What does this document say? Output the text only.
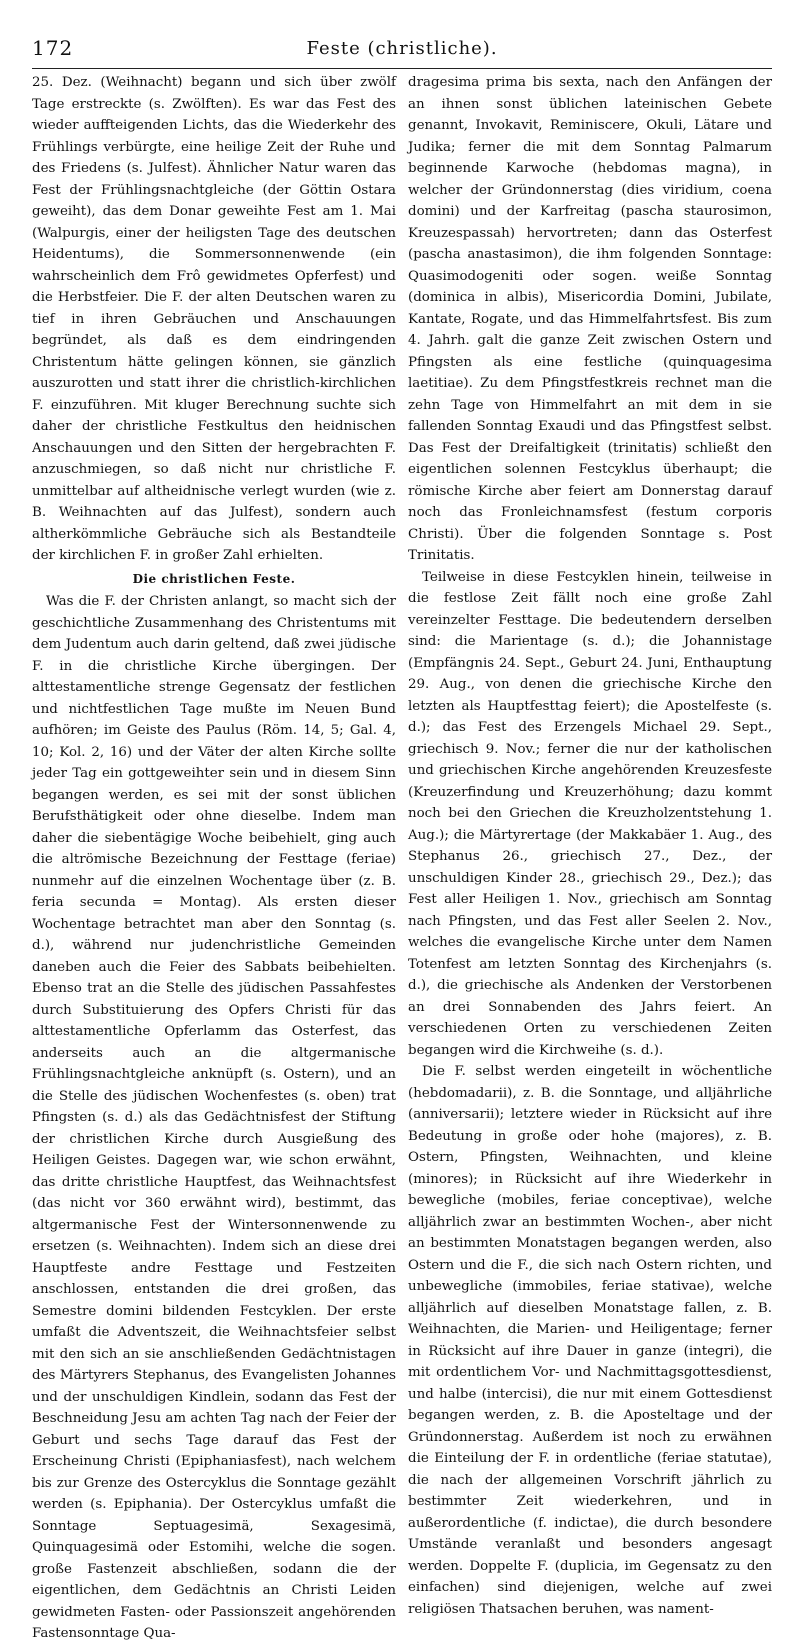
172	Feste (christliche).

25. Dez. (Weihnacht) begann und sich über zwölf Tage erstreckte (s. Zwölften). Es war das Fest des wieder auffteigenden Lichts, das die Wiederkehr des Frühlings verbürgte, eine heilige Zeit der Ruhe und des Friedens (s. Julfest). Ähnlicher Natur waren das Fest der Frühlingsnachtgleiche (der Göttin Ostara geweiht), das dem Donar geweihte Fest am 1. Mai (Walpurgis, einer der heiligsten Tage des deutschen Heidentums), die Sommersonnenwende (ein wahrscheinlich dem Frô gewidmetes Opferfest) und die Herbstfeier. Die F. der alten Deutschen waren zu tief in ihren Gebräuchen und Anschauungen begründet, als daß es dem eindringenden Christentum hätte gelingen können, sie gänzlich auszurotten und statt ihrer die christlich-kirchlichen F. einzuführen. Mit kluger Berechnung suchte sich daher der christliche Festkultus den heidnischen Anschauungen und den Sitten der hergebrachten F. anzuschmiegen, so daß nicht nur christliche F. unmittelbar auf altheidnische verlegt wurden (wie z. B. Weihnachten auf das Julfest), sondern auch altherkömmliche Gebräuche sich als Bestandteile der kirchlichen F. in großer Zahl erhielten.

Die christlichen Feste.

Was die F. der Christen anlangt, so macht sich der geschichtliche Zusammenhang des Christentums mit dem Judentum auch darin geltend, daß zwei jüdische F. in die christliche Kirche übergingen. Der alttestamentliche strenge Gegensatz der festlichen und nichtfestlichen Tage mußte im Neuen Bund aufhören; im Geiste des Paulus (Röm. 14, 5; Gal. 4, 10; Kol. 2, 16) und der Väter der alten Kirche sollte jeder Tag ein gottgeweihter sein und in diesem Sinn begangen werden, es sei mit der sonst üblichen Berufsthätigkeit oder ohne dieselbe. Indem man daher die siebentägige Woche beibehielt, ging auch die altrömische Bezeichnung der Festtage (feriae) nunmehr auf die einzelnen Wochentage über (z. B. feria secunda = Montag). Als ersten dieser Wochentage betrachtet man aber den Sonntag (s. d.), während nur judenchristliche Gemeinden daneben auch die Feier des Sabbats beibehielten. Ebenso trat an die Stelle des jüdischen Passahfestes durch Substituierung des Opfers Christi für das alttestamentliche Opferlamm das Osterfest, das anderseits auch an die altgermanische Frühlingsnachtgleiche anknüpft (s. Ostern), und an die Stelle des jüdischen Wochenfestes (s. oben) trat Pfingsten (s. d.) als das Gedächtnisfest der Stiftung der christlichen Kirche durch Ausgießung des Heiligen Geistes. Dagegen war, wie schon erwähnt, das dritte christliche Hauptfest, das Weihnachtsfest (das nicht vor 360 erwähnt wird), bestimmt, das altgermanische Fest der Wintersonnenwende zu ersetzen (s. Weihnachten). Indem sich an diese drei Hauptfeste andre Festtage und Festzeiten anschlossen, entstanden die drei großen, das Semestre domini bildenden Festcyklen. Der erste umfaßt die Adventszeit, die Weihnachtsfeier selbst mit den sich an sie anschließenden Gedächtnistagen des Märtyrers Stephanus, des Evangelisten Johannes und der unschuldigen Kindlein, sodann das Fest der Beschneidung Jesu am achten Tag nach der Feier der Geburt und sechs Tage darauf das Fest der Erscheinung Christi (Epiphaniasfest), nach welchem bis zur Grenze des Ostercyklus die Sonntage gezählt werden (s. Epiphania). Der Ostercyklus umfaßt die Sonntage Septuagesimä, Sexagesimä, Quinquagesimä oder Estomihi, welche die sogen. große Fastenzeit abschließen, sodann die der eigentlichen, dem Gedächtnis an Christi Leiden gewidmeten Fasten- oder Passionszeit angehörenden Fastensonntage Qua-

dragesima prima bis sexta, nach den Anfängen der an ihnen sonst üblichen lateinischen Gebete genannt, Invokavit, Reminiscere, Okuli, Lätare und Judika; ferner die mit dem Sonntag Palmarum beginnende Karwoche (hebdomas magna), in welcher der Gründonnerstag (dies viridium, coena domini) und der Karfreitag (pascha staurosimon, Kreuzespassah) hervortreten; dann das Osterfest (pascha anastasimon), die ihm folgenden Sonntage: Quasimodogeniti oder sogen. weiße Sonntag (dominica in albis), Misericordia Domini, Jubilate, Kantate, Rogate, und das Himmelfahrtsfest. Bis zum 4. Jahrh. galt die ganze Zeit zwischen Ostern und Pfingsten als eine festliche (quinquagesima laetitiae). Zu dem Pfingstfestkreis rechnet man die zehn Tage von Himmelfahrt an mit dem in sie fallenden Sonntag Exaudi und das Pfingstfest selbst. Das Fest der Dreifaltigkeit (trinitatis) schließt den eigentlichen solennen Festcyklus überhaupt; die römische Kirche aber feiert am Donnerstag darauf noch das Fronleichnamsfest (festum corporis Christi). Über die folgenden Sonntage s. Post Trinitatis.

Teilweise in diese Festcyklen hinein, teilweise in die festlose Zeit fällt noch eine große Zahl vereinzelter Festtage. Die bedeutendern derselben sind: die Marientage (s. d.); die Johannistage (Empfängnis 24. Sept., Geburt 24. Juni, Enthauptung 29. Aug., von denen die griechische Kirche den letzten als Hauptfesttag feiert); die Apostelfeste (s. d.); das Fest des Erzengels Michael 29. Sept., griechisch 9. Nov.; ferner die nur der katholischen und griechischen Kirche angehörenden Kreuzesfeste (Kreuzerfindung und Kreuzerhöhung; dazu kommt noch bei den Griechen die Kreuzholzentstehung 1. Aug.); die Märtyrertage (der Makkabäer 1. Aug., des Stephanus 26., griechisch 27., Dez., der unschuldigen Kinder 28., griechisch 29., Dez.); das Fest aller Heiligen 1. Nov., griechisch am Sonntag nach Pfingsten, und das Fest aller Seelen 2. Nov., welches die evangelische Kirche unter dem Namen Totenfest am letzten Sonntag des Kirchenjahrs (s. d.), die griechische als Andenken der Verstorbenen an drei Sonnabenden des Jahrs feiert. An verschiedenen Orten zu verschiedenen Zeiten begangen wird die Kirchweihe (s. d.).

Die F. selbst werden eingeteilt in wöchentliche (hebdomadarii), z. B. die Sonntage, und alljährliche (anniversarii); letztere wieder in Rücksicht auf ihre Bedeutung in große oder hohe (majores), z. B. Ostern, Pfingsten, Weihnachten, und kleine (minores); in Rücksicht auf ihre Wiederkehr in bewegliche (mobiles, feriae conceptivae), welche alljährlich zwar an bestimmten Wochen-, aber nicht an bestimmten Monatstagen begangen werden, also Ostern und die F., die sich nach Ostern richten, und unbewegliche (immobiles, feriae stativae), welche alljährlich auf dieselben Monatstage fallen, z. B. Weihnachten, die Marien- und Heiligentage; ferner in Rücksicht auf ihre Dauer in ganze (integri), die mit ordentlichem Vor- und Nachmittagsgottesdienst, und halbe (intercisi), die nur mit einem Gottesdienst begangen werden, z. B. die Aposteltage und der Gründonnerstag. Außerdem ist noch zu erwähnen die Einteilung der F. in ordentliche (feriae statutae), die nach der allgemeinen Vorschrift jährlich zu bestimmter Zeit wiederkehren, und in außerordentliche (f. indictae), die durch besondere Umstände veranlaßt und besonders angesagt werden. Doppelte F. (duplicia, im Gegensatz zu den einfachen) sind diejenigen, welche auf zwei religiösen Thatsachen beruhen, was nament-
